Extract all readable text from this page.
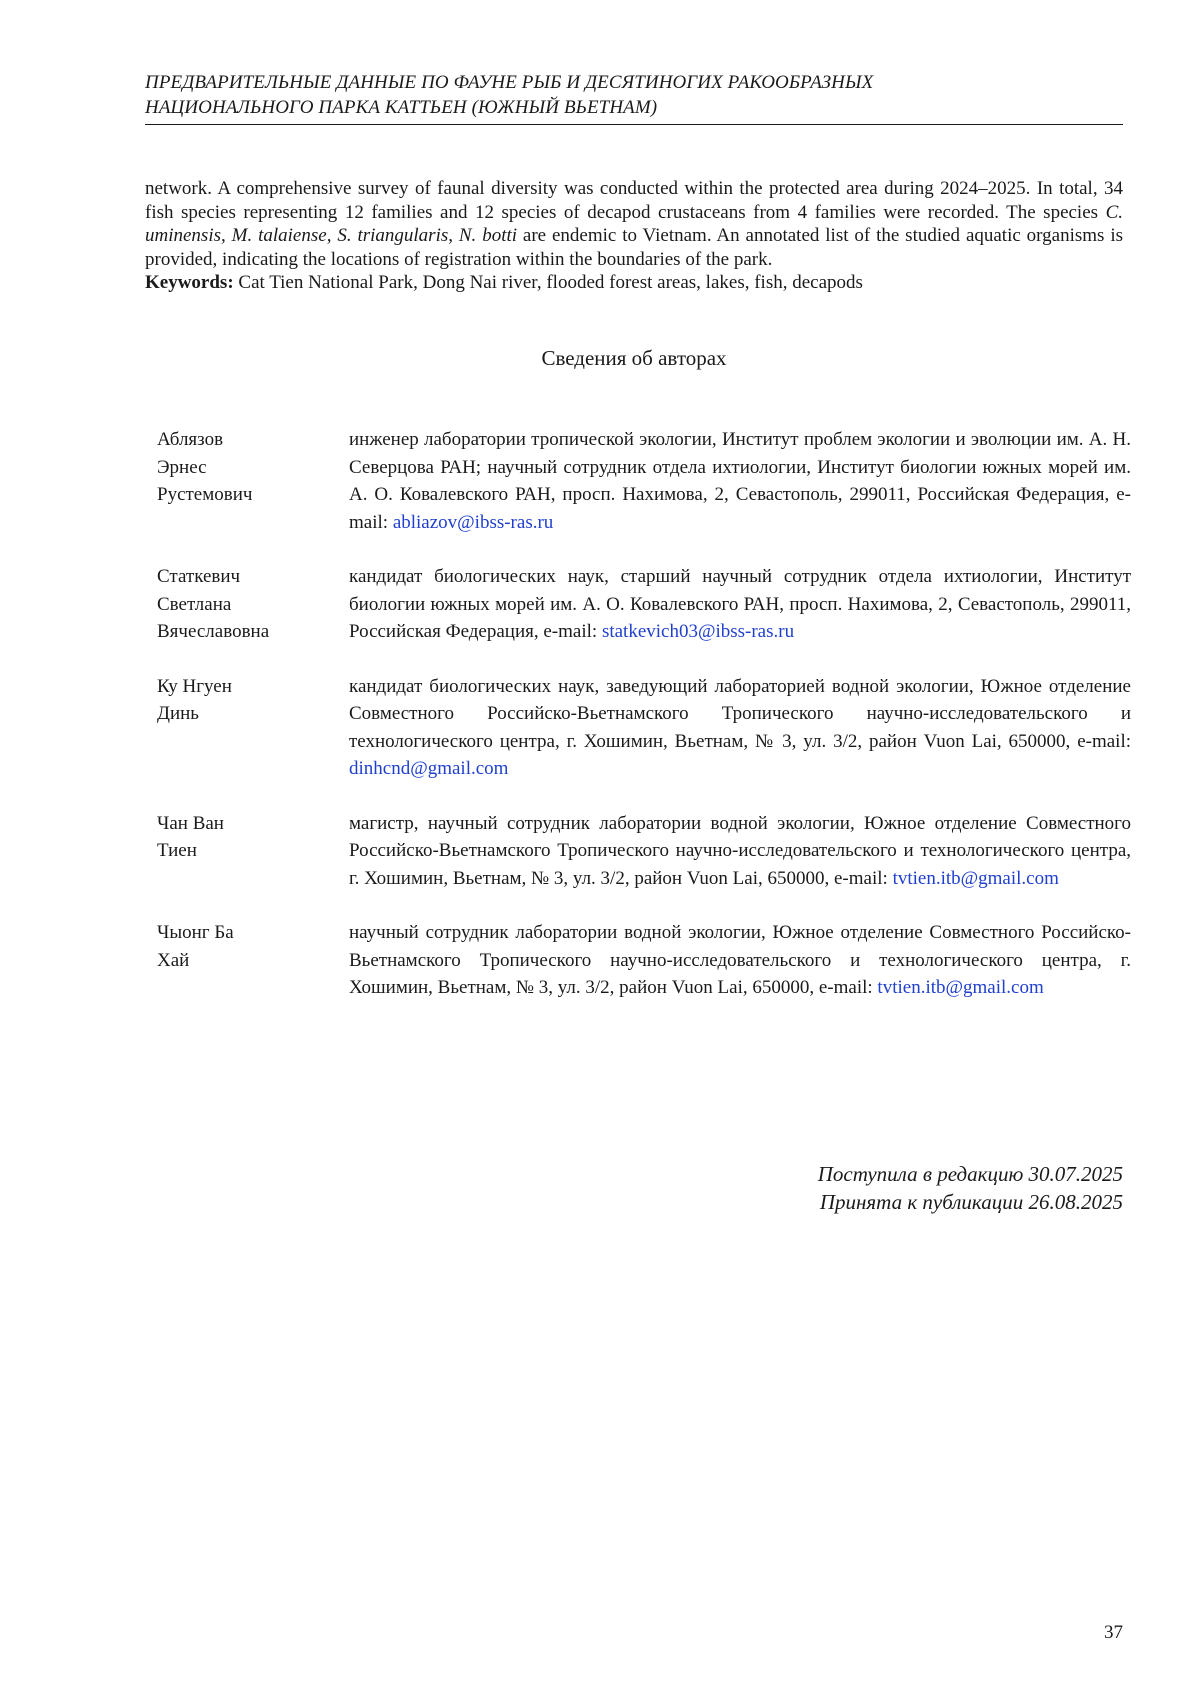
ПРЕДВАРИТЕЛЬНЫЕ ДАННЫЕ ПО ФАУНЕ РЫБ И ДЕСЯТИНОГИХ РАКООБРАЗНЫХ
НАЦИОНАЛЬНОГО ПАРКА КАТТЬЕН (ЮЖНЫЙ ВЬЕТНАМ)

network. A comprehensive survey of faunal diversity was conducted within the protected area during 2024–2025. In total, 34 fish species representing 12 families and 12 species of decapod crustaceans from 4 families were recorded. The species C. uminensis, M. talaiense, S. triangularis, N. botti are endemic to Vietnam. An annotated list of the studied aquatic organisms is provided, indicating the locations of registration within the boundaries of the park.

Keywords: Cat Tien National Park, Dong Nai river, flooded forest areas, lakes, fish, decapods

Сведения об авторах
Аблязов
Эрнес
Рустемович
инженер лаборатории тропической экологии, Институт проблем экологии и эволюции им. А. Н. Северцова РАН; научный сотрудник отдела ихтиологии, Институт биологии южных морей им. А. О. Ковалевского РАН, просп. Нахимова, 2, Севастополь, 299011, Российская Федерация, e-mail: abliazov@ibss-ras.ru
Статкевич
Светлана
Вячеславовна
кандидат биологических наук, старший научный сотрудник отдела ихтиологии, Институт биологии южных морей им. А. О. Ковалевского РАН, просп. Нахимова, 2, Севастополь, 299011, Российская Федерация, e-mail: statkevich03@ibss-ras.ru
Ку Нгуен
Динь
кандидат биологических наук, заведующий лабораторией водной экологии, Южное отделение Совместного Российско-Вьетнамского Тропического научно-исследовательского и технологического центра, г. Хошимин, Вьетнам, № 3, ул. 3/2, район Vuon Lai, 650000, e-mail: dinhcnd@gmail.com
Чан Ван
Тиен
магистр, научный сотрудник лаборатории водной экологии, Южное отделение Совместного Российско-Вьетнамского Тропического научно-исследовательского и технологического центра, г. Хошимин, Вьетнам, № 3, ул. 3/2, район Vuon Lai, 650000, e-mail: tvtien.itb@gmail.com
Чыонг Ба
Хай
научный сотрудник лаборатории водной экологии, Южное отделение Совместного Российско-Вьетнамского Тропического научно-исследовательского и технологического центра, г. Хошимин, Вьетнам, № 3, ул. 3/2, район Vuon Lai, 650000, e-mail: tvtien.itb@gmail.com
Поступила в редакцию 30.07.2025
Принята к публикации 26.08.2025
37
